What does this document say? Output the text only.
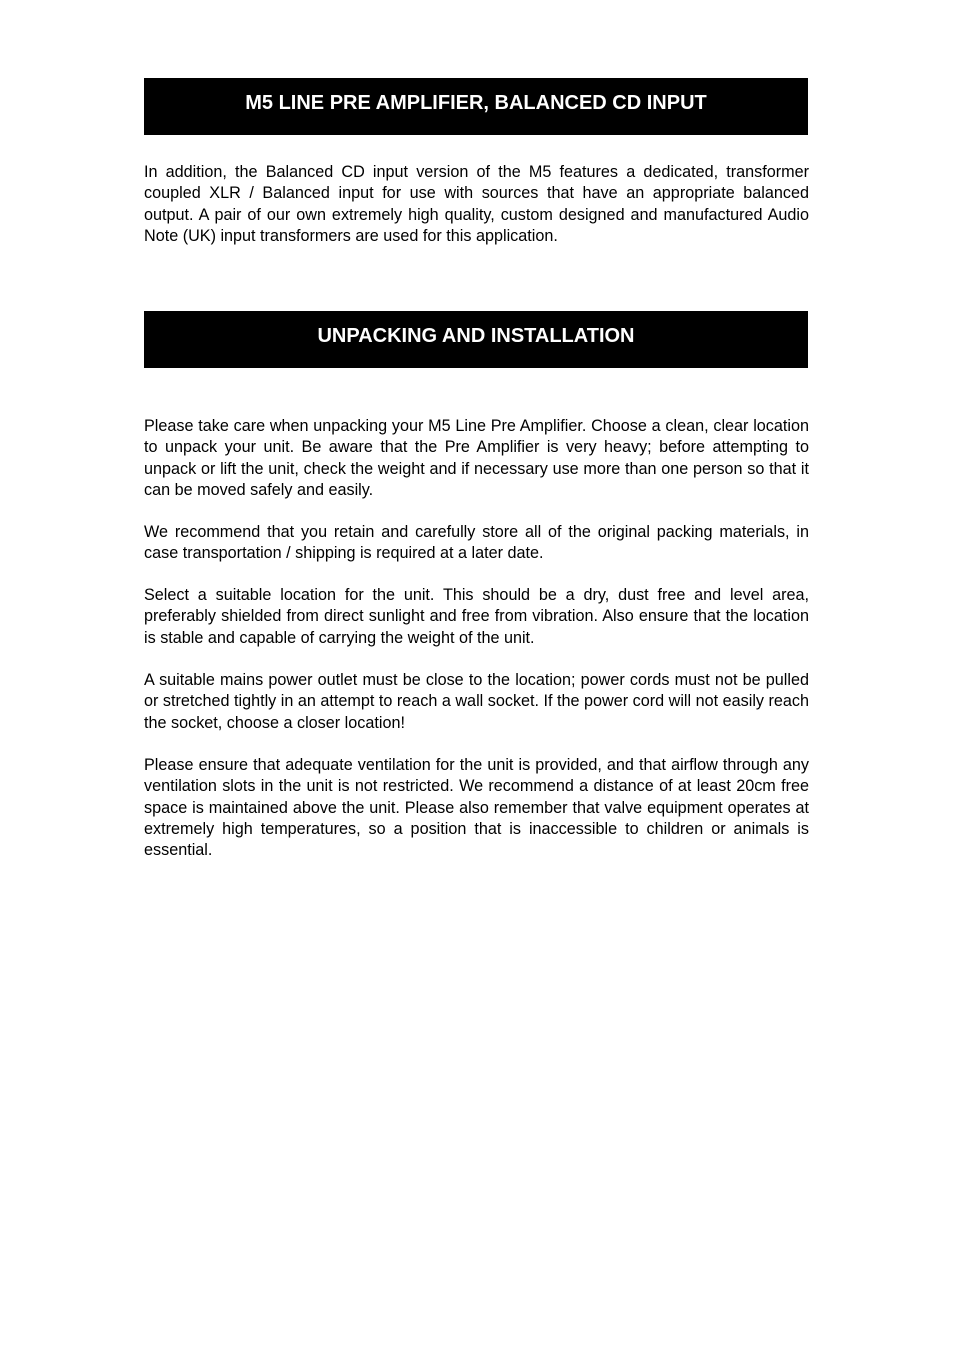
M5 LINE PRE AMPLIFIER, BALANCED CD INPUT

In addition, the Balanced CD input version of the M5 features a dedicated, transformer coupled XLR / Balanced input for use with sources that have an appropriate balanced output. A pair of our own extremely high quality, custom designed and manufactured Audio Note (UK) input transformers are used for this application.

UNPACKING AND INSTALLATION

Please take care when unpacking your M5 Line Pre Amplifier. Choose a clean, clear location to unpack your unit. Be aware that the Pre Amplifier is very heavy; before attempting to unpack or lift the unit, check the weight and if necessary use more than one person so that it can be moved safely and easily.

We recommend that you retain and carefully store all of the original packing materials, in case transportation / shipping is required at a later date.

Select a suitable location for the unit. This should be a dry, dust free and level area, preferably shielded from direct sunlight and free from vibration. Also ensure that the location is stable and capable of carrying the weight of the unit.

A suitable mains power outlet must be close to the location; power cords must not be pulled or stretched tightly in an attempt to reach a wall socket. If the power cord will not easily reach the socket, choose a closer location!

Please ensure that adequate ventilation for the unit is provided, and that airflow through any ventilation slots in the unit is not restricted. We recommend a distance of at least 20cm free space is maintained above the unit. Please also remember that valve equipment operates at extremely high temperatures, so a position that is inaccessible to children or animals is essential.
